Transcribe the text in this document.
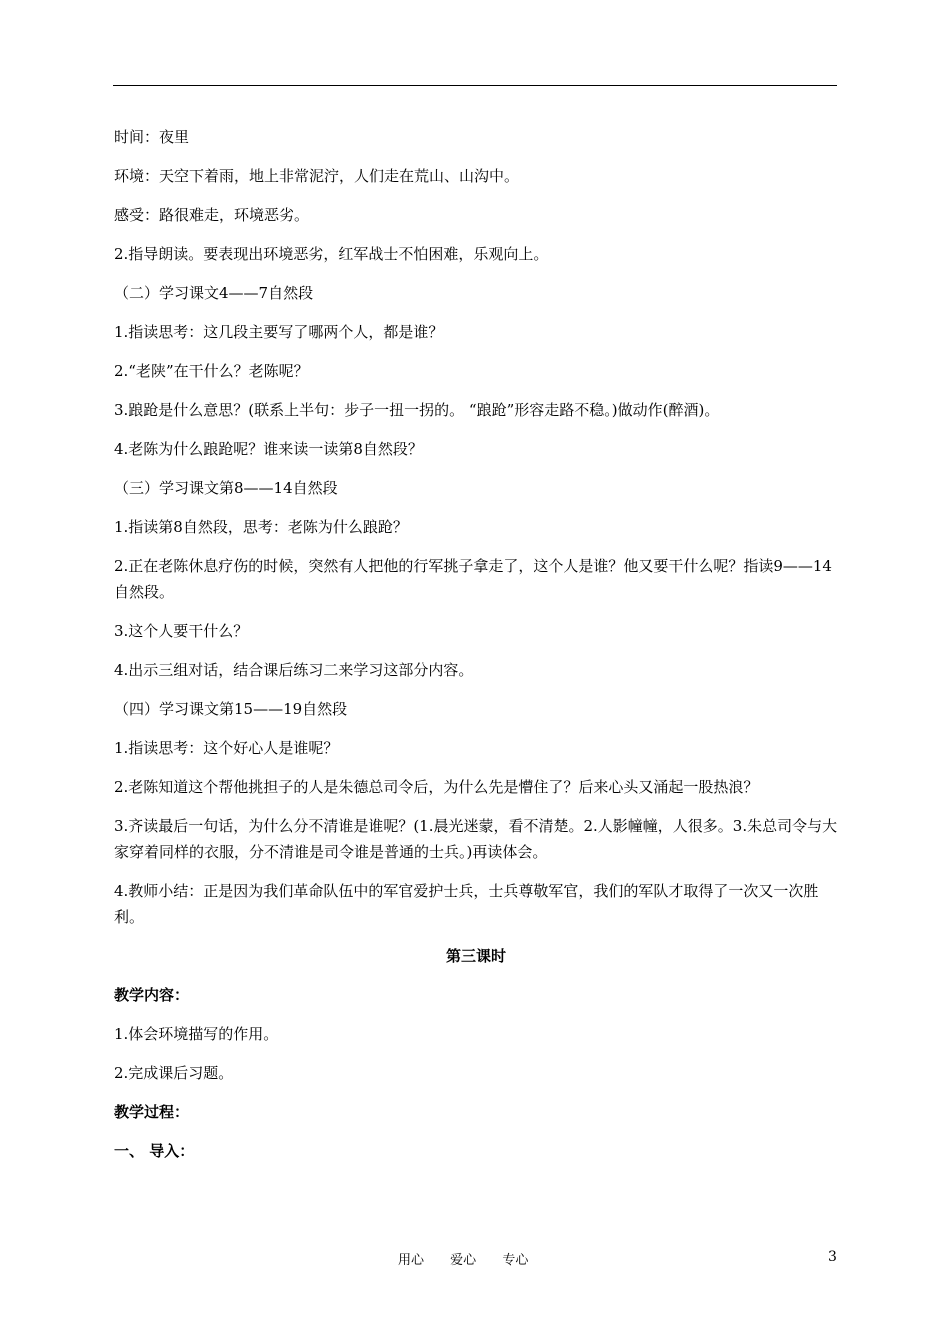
时间：夜里

环境：天空下着雨，地上非常泥泞，人们走在荒山、山沟中。

感受：路很难走，环境恶劣。

2.指导朗读。要表现出环境恶劣，红军战士不怕困难，乐观向上。

（二）学习课文4——7自然段

1.指读思考：这几段主要写了哪两个人，都是谁？

2.“老陕”在干什么？老陈呢？

3.踉跄是什么意思？(联系上半句：步子一扭一拐的。 “踉跄”形容走路不稳。)做动作(醉酒)。

4.老陈为什么踉跄呢？谁来读一读第8自然段？

（三）学习课文第8——14自然段

1.指读第8自然段，思考：老陈为什么踉跄？

2.正在老陈休息疗伤的时候，突然有人把他的行军挑子拿走了，这个人是谁？他又要干什么呢？指读9——14自然段。

3.这个人要干什么？

4.出示三组对话，结合课后练习二来学习这部分内容。

（四）学习课文第15——19自然段

1.指读思考：这个好心人是谁呢？

2.老陈知道这个帮他挑担子的人是朱德总司令后，为什么先是懵住了？后来心头又涌起一股热浪？

3.齐读最后一句话，为什么分不清谁是谁呢？(1.晨光迷蒙，看不清楚。2.人影幢幢，人很多。3.朱总司令与大家穿着同样的衣服，分不清谁是司令谁是普通的士兵。)再读体会。

4.教师小结：正是因为我们革命队伍中的军官爱护士兵，士兵尊敬军官，我们的军队才取得了一次又一次胜利。

第三课时

教学内容：

1.体会环境描写的作用。

2.完成课后习题。

教学过程：

一、 导入：

用心 爱心 专心	3
